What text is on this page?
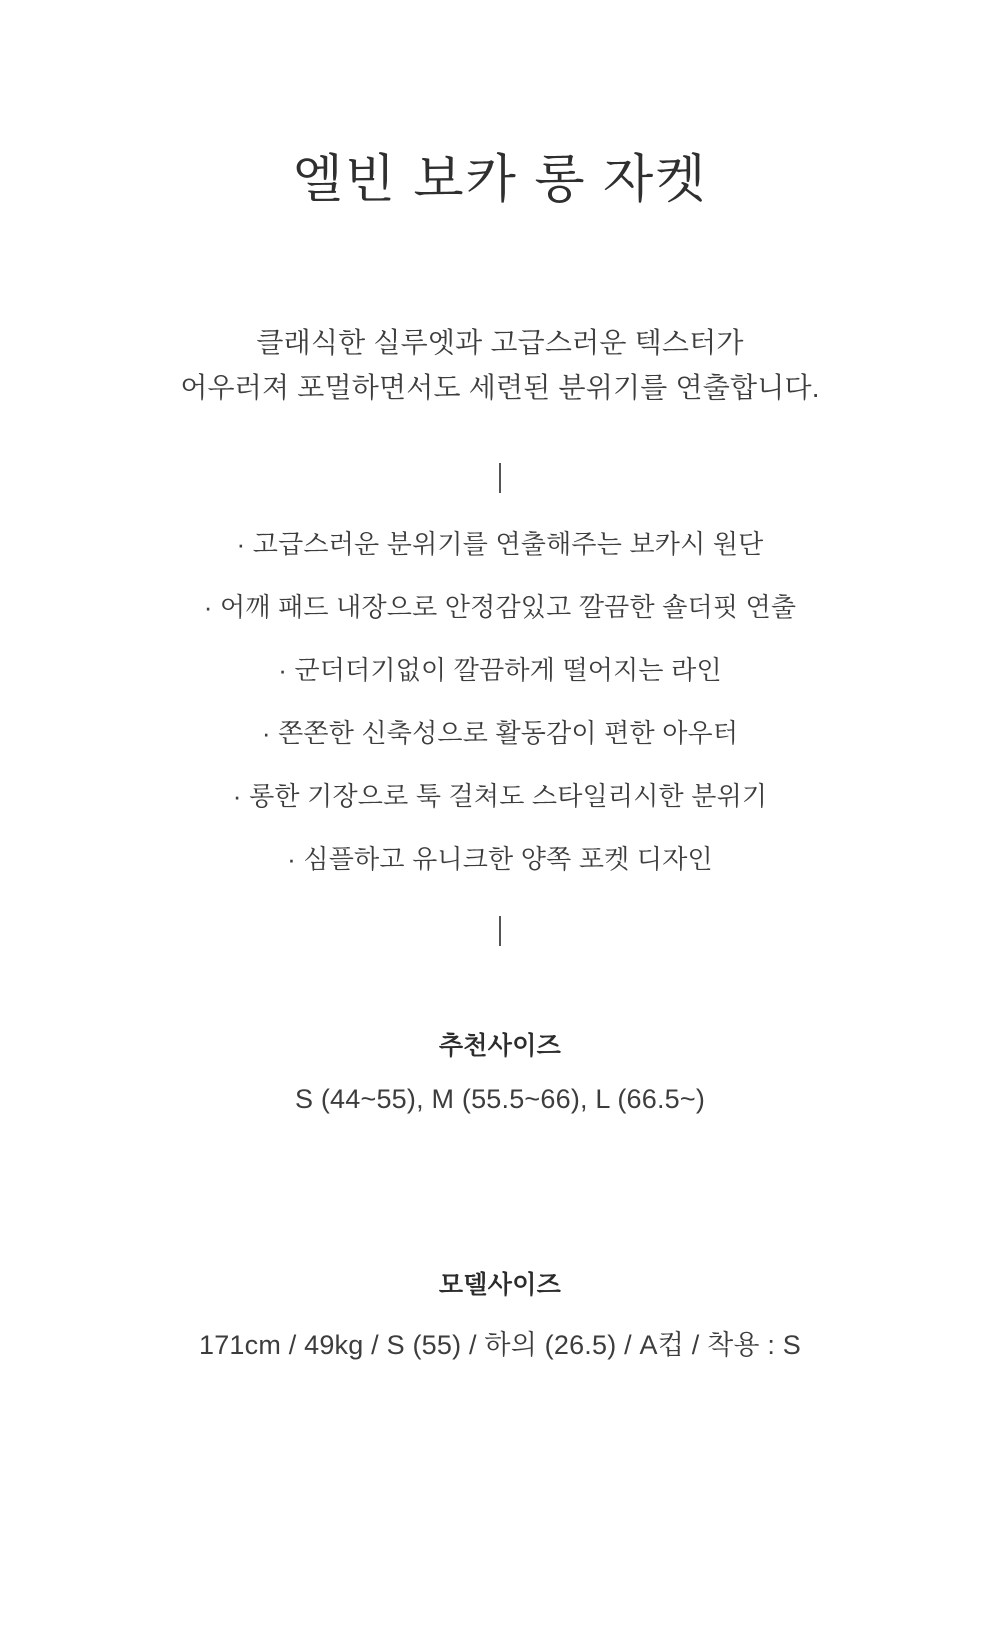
엘빈 보카 롱 자켓
클래식한 실루엣과 고급스러운 텍스터가
어우러져 포멀하면서도 세련된 분위기를 연출합니다.
· 고급스러운 분위기를 연출해주는 보카시 원단
· 어깨 패드 내장으로 안정감있고 깔끔한 숄더핏 연출
· 군더더기없이 깔끔하게 떨어지는 라인
· 쫀쫀한 신축성으로 활동감이 편한 아우터
· 롱한 기장으로 툭 걸쳐도 스타일리시한 분위기
· 심플하고 유니크한 양쪽 포켓 디자인
추천사이즈
S (44~55), M (55.5~66), L (66.5~)
모델사이즈
171cm / 49kg / S (55) / 하의 (26.5) / A컵 / 착용 : S
